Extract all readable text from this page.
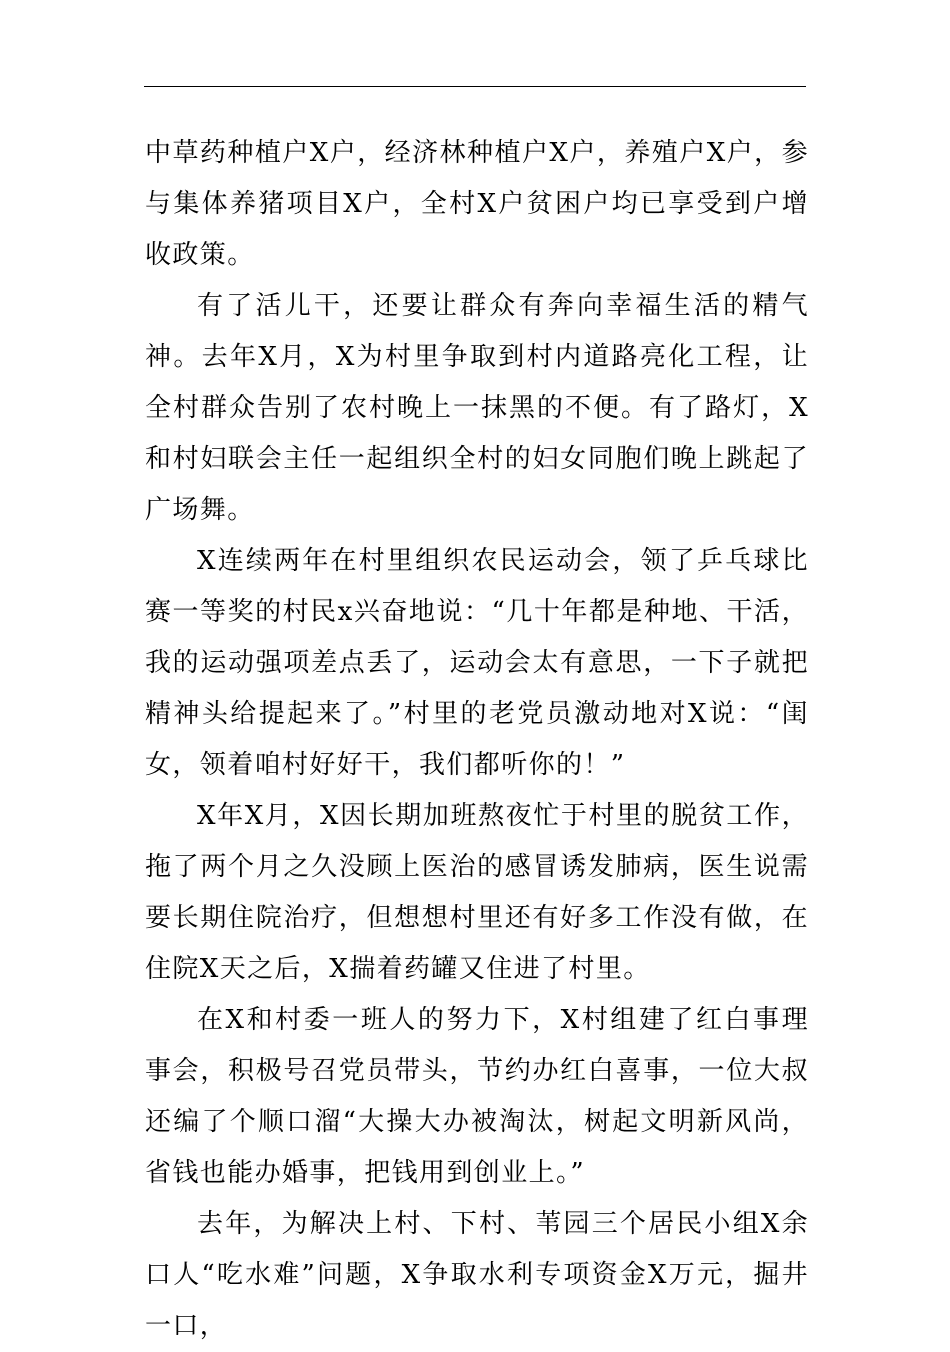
中草药种植户X户，经济林种植户X户，养殖户X户，参与集体养猪项目X户，全村X户贫困户均已享受到户增收政策。

有了活儿干，还要让群众有奔向幸福生活的精气神。去年X月，X为村里争取到村内道路亮化工程，让全村群众告别了农村晚上一抹黑的不便。有了路灯，X和村妇联会主任一起组织全村的妇女同胞们晚上跳起了广场舞。

X连续两年在村里组织农民运动会，领了乒乓球比赛一等奖的村民x兴奋地说：“几十年都是种地、干活，我的运动强项差点丢了，运动会太有意思，一下子就把精神头给提起来了。”村里的老党员激动地对X说：“闺女，领着咱村好好干，我们都听你的！”

X年X月，X因长期加班熬夜忙于村里的脱贫工作，拖了两个月之久没顾上医治的感冒诱发肺病，医生说需要长期住院治疗，但想想村里还有好多工作没有做，在住院X天之后，X揣着药罐又住进了村里。

在X和村委一班人的努力下，X村组建了红白事理事会，积极号召党员带头，节约办红白喜事，一位大叔还编了个顺口溜“大操大办被淘汰，树起文明新风尚，省钱也能办婚事，把钱用到创业上。”

去年，为解决上村、下村、苇园三个居民小组X余口人“吃水难”问题，X争取水利专项资金X万元，掘井一口，
